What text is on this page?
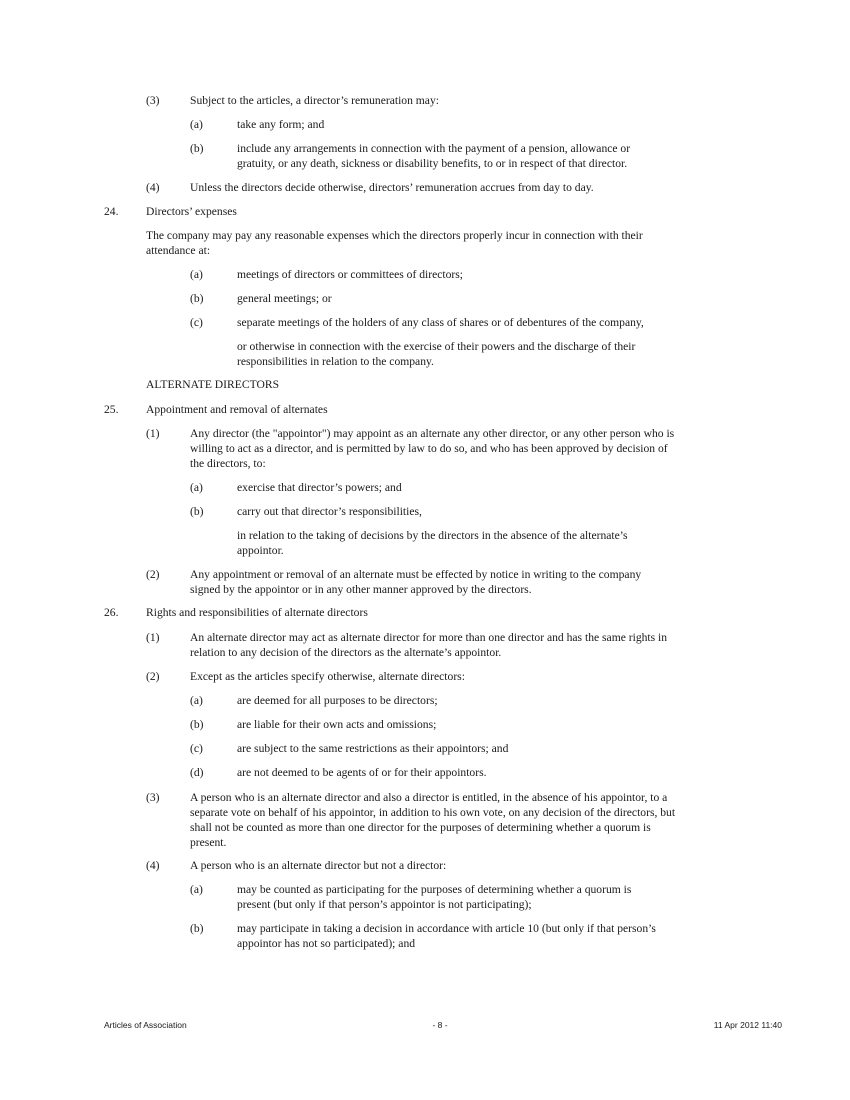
(3)	Subject to the articles, a director’s remuneration may:
(a)	take any form; and
(b)	include any arrangements in connection with the payment of a pension, allowance or gratuity, or any death, sickness or disability benefits, to or in respect of that director.
(4)	Unless the directors decide otherwise, directors’ remuneration accrues from day to day.
24. Directors’ expenses
The company may pay any reasonable expenses which the directors properly incur in connection with their attendance at:
(a)	meetings of directors or committees of directors;
(b)	general meetings; or
(c)	separate meetings of the holders of any class of shares or of debentures of the company,
or otherwise in connection with the exercise of their powers and the discharge of their responsibilities in relation to the company.
ALTERNATE DIRECTORS
25. Appointment and removal of alternates
(1)	Any director (the "appointor") may appoint as an alternate any other director, or any other person who is willing to act as a director, and is permitted by law to do so, and who has been approved by decision of the directors, to:
(a)	exercise that director’s powers; and
(b)	carry out that director’s responsibilities,
in relation to the taking of decisions by the directors in the absence of the alternate’s appointor.
(2)	Any appointment or removal of an alternate must be effected by notice in writing to the company signed by the appointor or in any other manner approved by the directors.
26. Rights and responsibilities of alternate directors
(1)	An alternate director may act as alternate director for more than one director and has the same rights in relation to any decision of the directors as the alternate’s appointor.
(2)	Except as the articles specify otherwise, alternate directors:
(a)	are deemed for all purposes to be directors;
(b)	are liable for their own acts and omissions;
(c)	are subject to the same restrictions as their appointors; and
(d)	are not deemed to be agents of or for their appointors.
(3)	A person who is an alternate director and also a director is entitled, in the absence of his appointor, to a separate vote on behalf of his appointor, in addition to his own vote, on any decision of the directors, but shall not be counted as more than one director for the purposes of determining whether a quorum is present.
(4)	A person who is an alternate director but not a director:
(a)	may be counted as participating for the purposes of determining whether a quorum is present (but only if that person’s appointor is not participating);
(b)	may participate in taking a decision in accordance with article 10 (but only if that person’s appointor has not so participated); and
Articles of Association	- 8 -	11 Apr 2012 11:40
